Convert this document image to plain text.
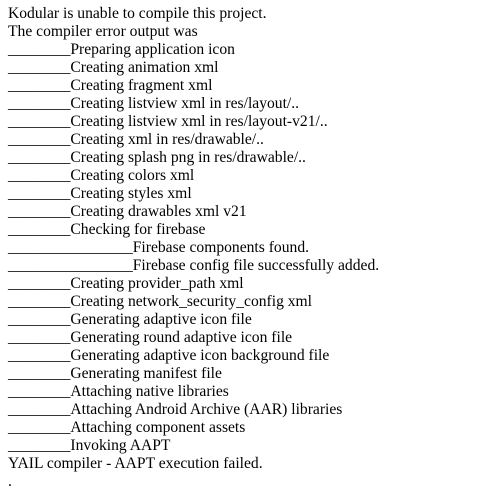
Kodular is unable to compile this project.
The compiler error output was
________Preparing application icon
________Creating animation xml
________Creating fragment xml
________Creating listview xml in res/layout/..
________Creating listview xml in res/layout-v21/..
________Creating xml in res/drawable/..
________Creating splash png in res/drawable/..
________Creating colors xml
________Creating styles xml
________Creating drawables xml v21
________Checking for firebase
________________Firebase components found.
________________Firebase config file successfully added.
________Creating provider_path xml
________Creating network_security_config xml
________Generating adaptive icon file
________Generating round adaptive icon file
________Generating adaptive icon background file
________Generating manifest file
________Attaching native libraries
________Attaching Android Archive (AAR) libraries
________Attaching component assets
________Invoking AAPT
YAIL compiler - AAPT execution failed.
.
